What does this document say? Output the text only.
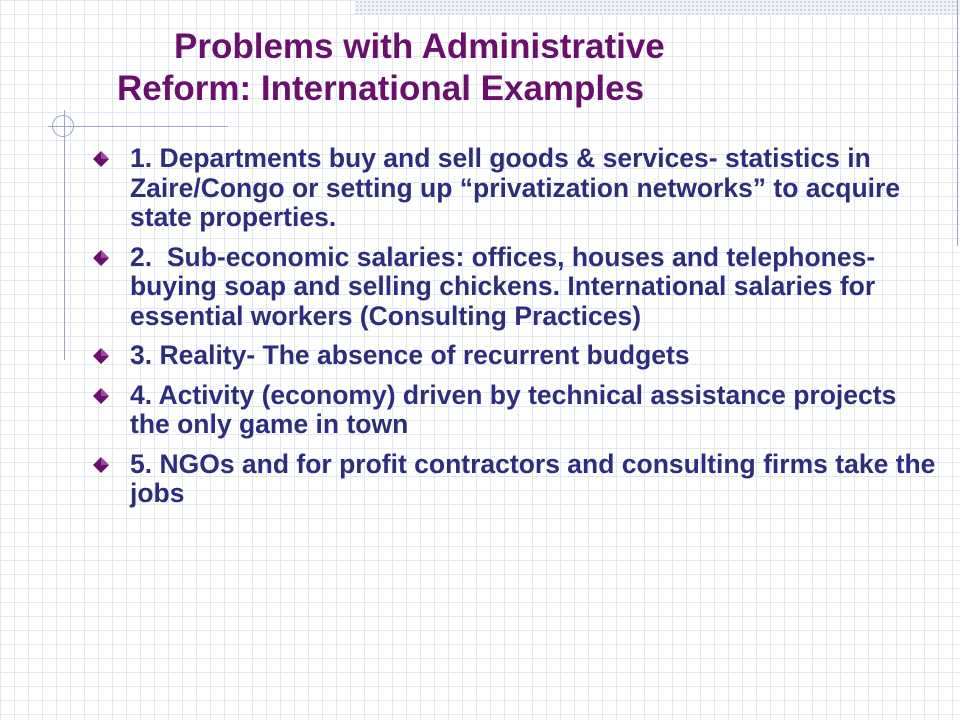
Problems with Administrative
Reform: International Examples
1. Departments buy and sell goods & services- statistics in Zaire/Congo or setting up “privatization networks” to acquire state properties.
2.  Sub-economic salaries: offices, houses and telephones- buying soap and selling chickens. International salaries for essential workers (Consulting Practices)
3. Reality- The absence of recurrent budgets
4. Activity (economy) driven by technical assistance projects the only game in town
5. NGOs and for profit contractors and consulting firms take the jobs
